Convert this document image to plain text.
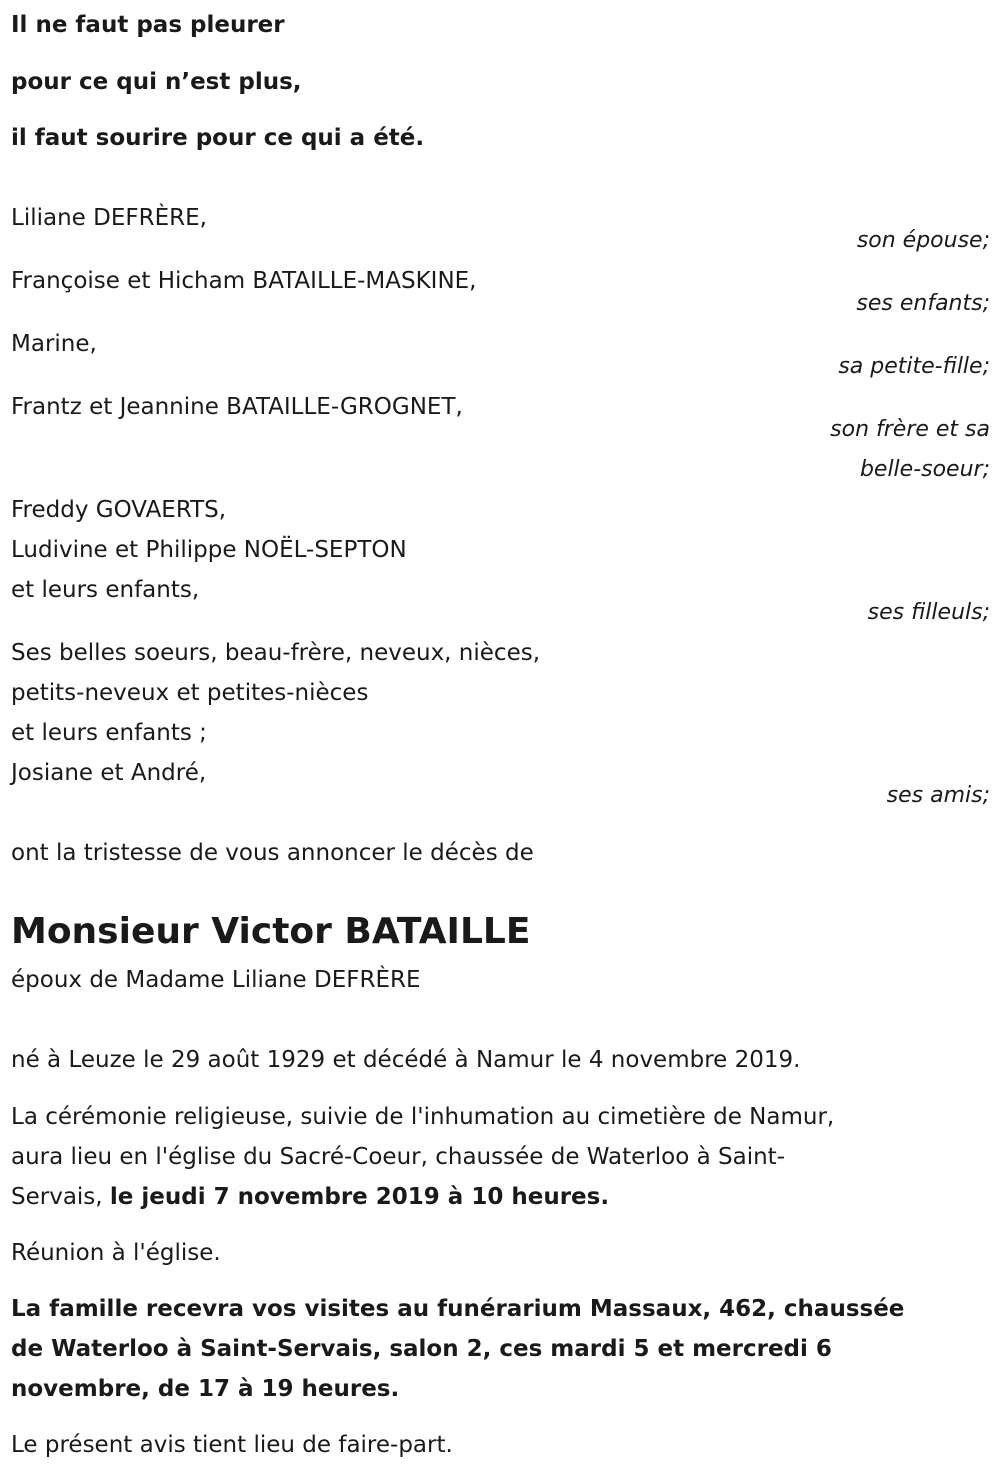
Il ne faut pas pleurer
pour ce qui n’est plus,
il faut sourire pour ce qui a été.
Liliane DEFRÈRE,
son épouse;
Françoise et Hicham BATAILLE-MASKINE,
ses enfants;
Marine,
sa petite-fille;
Frantz et Jeannine BATAILLE-GROGNET,
son frère et sa
belle-soeur;
Freddy GOVAERTS,
Ludivine et Philippe NOËL-SEPTON
et leurs enfants,
ses filleuls;
Ses belles soeurs, beau-frère, neveux, nièces,
petits-neveux et petites-nièces
et leurs enfants ;
Josiane et André,
ses amis;
ont la tristesse de vous annoncer le décès de
Monsieur Victor BATAILLE
époux de Madame Liliane DEFRÈRE
né à Leuze le 29 août 1929 et décédé à Namur le 4 novembre 2019.
La cérémonie religieuse, suivie de l'inhumation au cimetière de Namur,
aura lieu en l'église du Sacré-Coeur, chaussée de Waterloo à Saint-
Servais, le jeudi 7 novembre 2019 à 10 heures.
Réunion à l'église.
La famille recevra vos visites au funérarium Massaux, 462, chaussée
de Waterloo à Saint-Servais, salon 2, ces mardi 5 et mercredi 6
novembre, de 17 à 19 heures.
Le présent avis tient lieu de faire-part.
